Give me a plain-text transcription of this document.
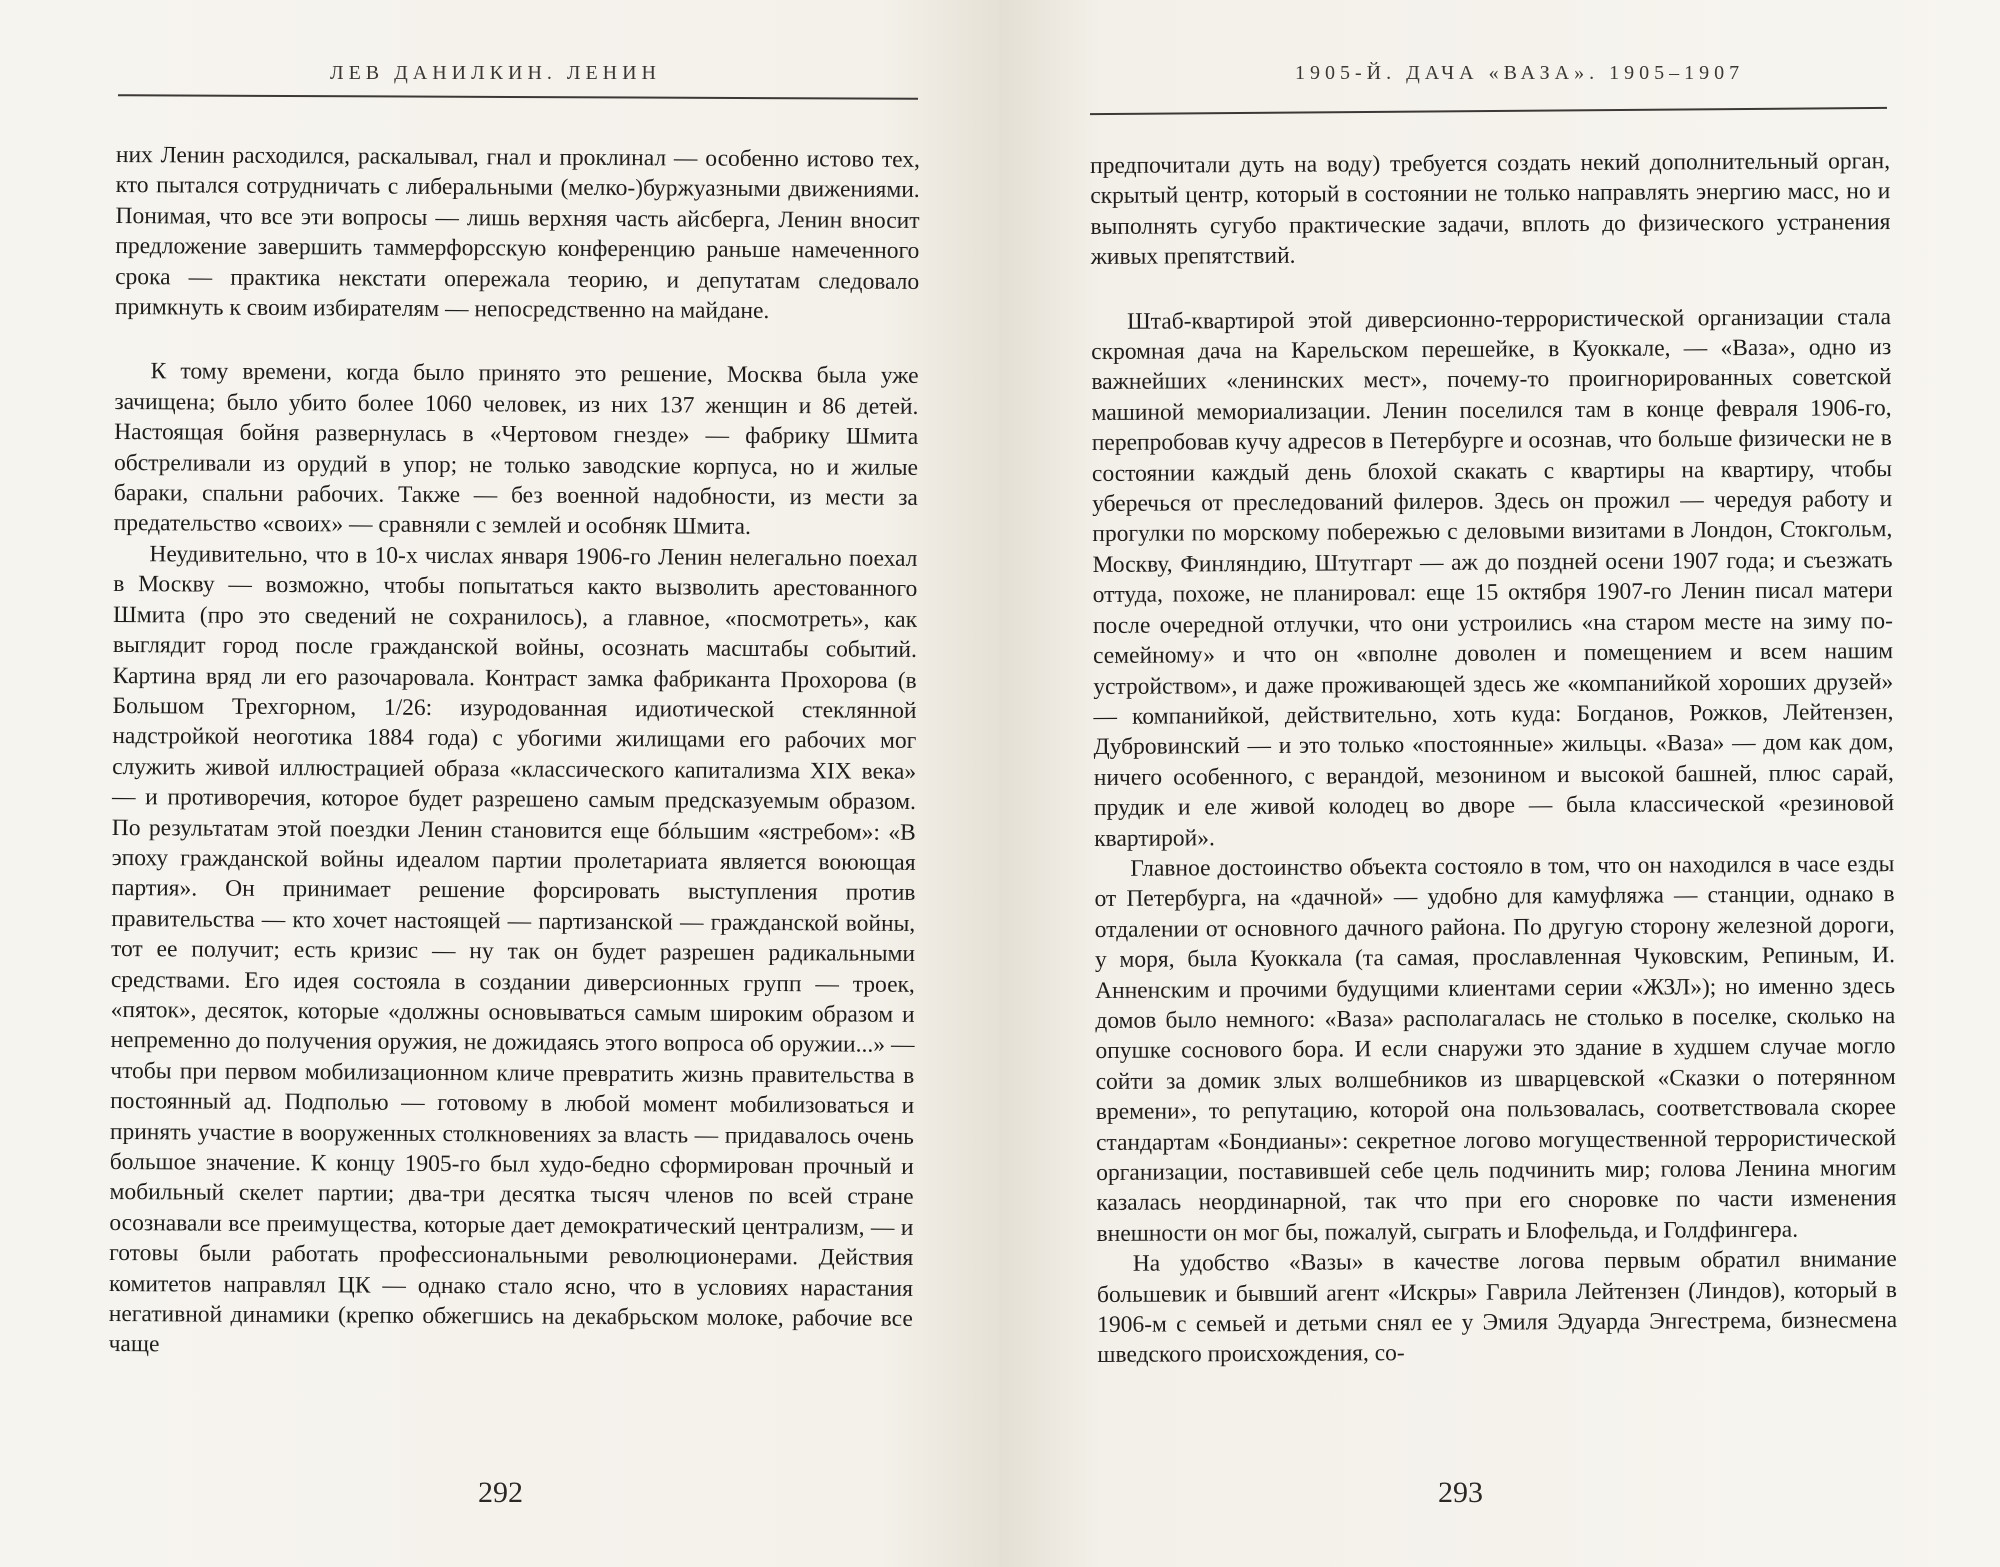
ЛЕВ ДАНИЛКИН. ЛЕНИН

них Ленин расходился, раскалывал, гнал и проклинал — особенно истово тех, кто пытался сотрудничать с либеральными (мелко-)буржуазными движениями. Понимая, что все эти вопросы — лишь верхняя часть айсберга, Ленин вносит предложение завершить таммерфорсскую конференцию раньше намеченного срока — практика некстати опережала теорию, и депутатам следовало примкнуть к своим избирателям — непосредственно на майдане.

К тому времени, когда было принято это решение, Москва была уже зачищена; было убито более 1060 человек, из них 137 женщин и 86 детей. Настоящая бойня развернулась в «Чертовом гнезде» — фабрику Шмита обстреливали из орудий в упор; не только заводские корпуса, но и жилые бараки, спальни рабочих. Также — без военной надобности, из мести за предательство «своих» — сравняли с землей и особняк Шмита.

Неудивительно, что в 10-х числах января 1906-го Ленин нелегально поехал в Москву — возможно, чтобы попытаться както вызволить арестованного Шмита (про это сведений не сохранилось), а главное, «посмотреть», как выглядит город после гражданской войны, осознать масштабы событий. Картина вряд ли его разочаровала. Контраст замка фабриканта Прохорова (в Большом Трехгорном, 1/26: изуродованная идиотической стеклянной надстройкой неоготика 1884 года) с убогими жилищами его рабочих мог служить живой иллюстрацией образа «классического капитализма XIX века» — и противоречия, которое будет разрешено самым предсказуемым образом. По результатам этой поездки Ленин становится еще бóльшим «ястребом»: «В эпоху гражданской войны идеалом партии пролетариата является воюющая партия». Он принимает решение форсировать выступления против правительства — кто хочет настоящей — партизанской — гражданской войны, тот ее получит; есть кризис — ну так он будет разрешен радикальными средствами. Его идея состояла в создании диверсионных групп — троек, «пяток», десяток, которые «должны основываться самым широким образом и непременно до получения оружия, не дожидаясь этого вопроса об оружии...» — чтобы при первом мобилизационном кличе превратить жизнь правительства в постоянный ад. Подполью — готовому в любой момент мобилизоваться и принять участие в вооруженных столкновениях за власть — придавалось очень большое значение. К концу 1905-го был худо-бедно сформирован прочный и мобильный скелет партии; два-три десятка тысяч членов по всей стране осознавали все преимущества, которые дает демократический централизм, — и готовы были работать профессиональными революционерами. Действия комитетов направлял ЦК — однако стало ясно, что в условиях нарастания негативной динамики (крепко обжегшись на декабрьском молоке, рабочие все чаще

292
1905-Й. ДАЧА «ВАЗА». 1905–1907

предпочитали дуть на воду) требуется создать некий дополнительный орган, скрытый центр, который в состоянии не только направлять энергию масс, но и выполнять сугубо практические задачи, вплоть до физического устранения живых препятствий.

Штаб-квартирой этой диверсионно-террористической организации стала скромная дача на Карельском перешейке, в Куоккале, — «Ваза», одно из важнейших «ленинских мест», почему-то проигнорированных советской машиной мемориализации. Ленин поселился там в конце февраля 1906-го, перепробовав кучу адресов в Петербурге и осознав, что больше физически не в состоянии каждый день блохой скакать с квартиры на квартиру, чтобы уберечься от преследований филеров. Здесь он прожил — чередуя работу и прогулки по морскому побережью с деловыми визитами в Лондон, Стокгольм, Москву, Финляндию, Штутгарт — аж до поздней осени 1907 года; и съезжать оттуда, похоже, не планировал: еще 15 октября 1907-го Ленин писал матери после очередной отлучки, что они устроились «на старом месте на зиму по-семейному» и что он «вполне доволен и помещением и всем нашим устройством», и даже проживающей здесь же «компанийкой хороших друзей» — компанийкой, действительно, хоть куда: Богданов, Рожков, Лейтензен, Дубровинский — и это только «постоянные» жильцы. «Ваза» — дом как дом, ничего особенного, с верандой, мезонином и высокой башней, плюс сарай, прудик и еле живой колодец во дворе — была классической «резиновой квартирой».

Главное достоинство объекта состояло в том, что он находился в часе езды от Петербурга, на «дачной» — удобно для камуфляжа — станции, однако в отдалении от основного дачного района. По другую сторону железной дороги, у моря, была Куоккала (та самая, прославленная Чуковским, Репиным, И. Анненским и прочими будущими клиентами серии «ЖЗЛ»); но именно здесь домов было немного: «Ваза» располагалась не столько в поселке, сколько на опушке соснового бора. И если снаружи это здание в худшем случае могло сойти за домик злых волшебников из шварцевской «Сказки о потерянном времени», то репутацию, которой она пользовалась, соответствовала скорее стандартам «Бондианы»: секретное логово могущественной террористической организации, поставившей себе цель подчинить мир; голова Ленина многим казалась неординарной, так что при его сноровке по части изменения внешности он мог бы, пожалуй, сыграть и Блофельда, и Голдфингера.

На удобство «Вазы» в качестве логова первым обратил внимание большевик и бывший агент «Искры» Гаврила Лейтензен (Линдов), который в 1906-м с семьей и детьми снял ее у Эмиля Эдуарда Энгестрема, бизнесмена шведского происхождения, со-

293
